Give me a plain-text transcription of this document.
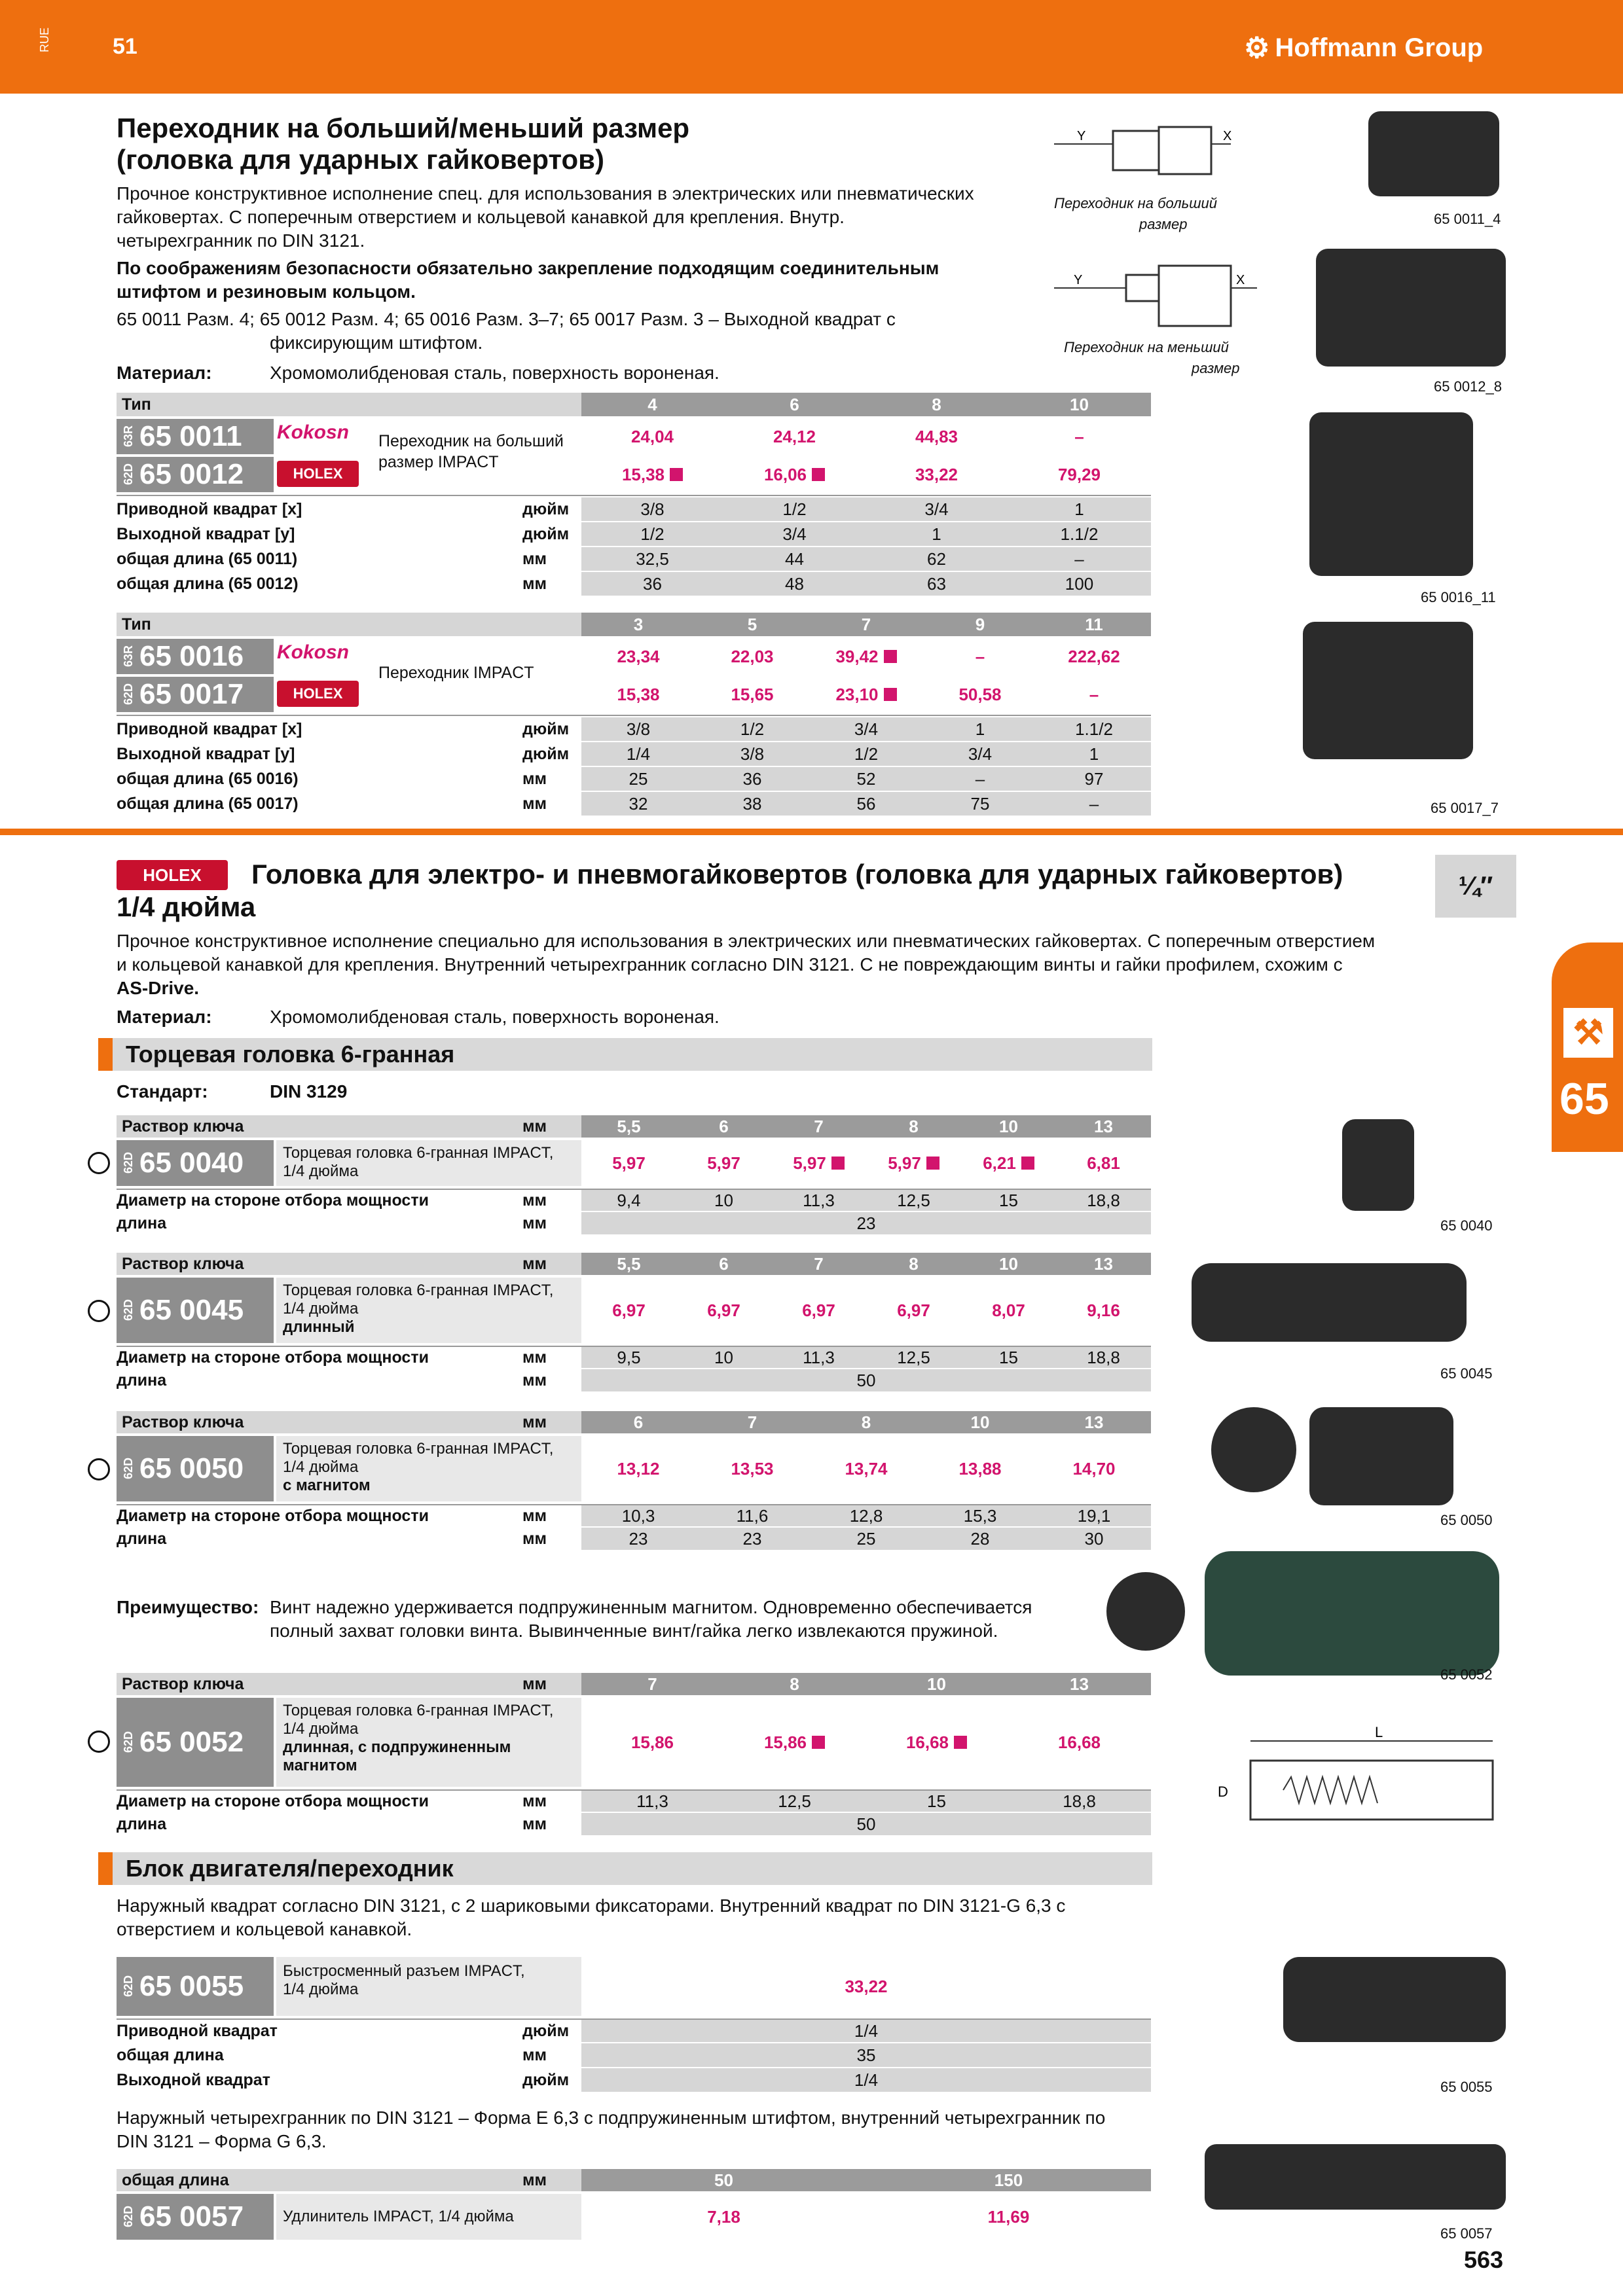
RUE	51	⚙ Hoffmann Group
Переходник на больший/меньший размер
(головка для ударных гайковертов)
Прочное конструктивное исполнение спец. для использования в электрических или пневматических
гайковертах. С поперечным отверстием и кольцевой канавкой для крепления. Внутр.
четырехгранник по DIN 3121.
По соображениям безопасности обязательно закрепление подходящим соединительным
штифтом и резиновым кольцом.
65 0011 Разм. 4; 65 0012 Разм. 4; 65 0016 Разм. 3–7; 65 0017 Разм. 3 – Выходной квадрат с
фиксирующим штифтом.
Материал:	Хромомолибденовая сталь, поверхность вороненая.
Y	X
Переходник на больший
размер
Y	X
Переходник на меньший
размер
65 0011_4
65 0012_8
65 0016_11
65 0017_7
Тип	4	6	8	10
63R 65 0011 Kokosn
62D 65 0012	HOLEX
Переходник на больший
размер IMPACT
24,04	24,12	44,83	–
15,38	16,06	33,22	79,29
Приводной квадрат [x]	дюйм	3/8	1/2	3/4	1
Выходной квадрат [y]	дюйм	1/2	3/4	1	1.1/2
общая длина (65 0011)	мм	32,5	44	62	–
общая длина (65 0012)	мм	36	48	63	100
Тип	3	5	7	9	11
63R 65 0016 Kokosn
62D 65 0017	HOLEX
Переходник IMPACT
23,34	22,03	39,42	–	222,62
15,38	15,65	23,10	50,58	–
Приводной квадрат [x]	дюйм	3/8	1/2	3/4	1	1.1/2
Выходной квадрат [y]	дюйм	1/4	3/8	1/2	3/4	1
общая длина (65 0016)	мм	25	36	52	–	97
общая длина (65 0017)	мм	32	38	56	75	–
HOLEX	Головка для электро- и пневмогайковертов (головка для ударных гайковертов)
1/4 дюйма
¼″
Прочное конструктивное исполнение специально для использования в электрических или пневматических гайковертах. С поперечным отверстием
и кольцевой канавкой для крепления. Внутренний четырехгранник согласно DIN 3121. С не повреждающим винты и гайки профилем, схожим с
AS-Drive.
Материал:	Хромомолибденовая сталь, поверхность вороненая.	⚒
65
Торцевая головка 6-гранная
Стандарт:	DIN 3129
Раствор ключа	мм	5,5	6	7	8	10	13
62D 65 0040 Торцевая головка 6-гранная IMPACT,
1/4 дюйма	5,97	5,97	5,97	5,97	6,21	6,81
Диаметр на стороне отбора мощности	мм	9,4	10	11,3	12,5	15	18,8
длина	мм	23	65 0040
Раствор ключа	мм	5,5	6	7	8	10	13
62D 65 0045
Торцевая головка 6-гранная IMPACT,
1/4 дюйма
длинный
6,97	6,97	6,97	6,97	8,07	9,16
Диаметр на стороне отбора мощности	мм	9,5	10	11,3	12,5	15	18,8
длина	мм	50	65 0045
Раствор ключа	мм	6	7	8	10	13
62D 65 0050
Торцевая головка 6-гранная IMPACT,
1/4 дюйма
с магнитом
13,12	13,53	13,74	13,88	14,70
Диаметр на стороне отбора мощности	мм	10,3	11,6	12,8	15,3	19,1
длина	мм	23	23	25	28	30
65 0050
Преимущество: Винт надежно удерживается подпружиненным магнитом. Одновременно обеспечивается
полный захват головки винта. Вывинченные винт/гайка легко извлекаются пружиной.
65 0052
Раствор ключа	мм	7	8	10	13
62D 65 0052
Торцевая головка 6-гранная IMPACT,
1/4 дюйма
длинная, с подпружиненным
магнитом
15,86	15,86	16,68	16,68
Диаметр на стороне отбора мощности	мм	11,3	12,5	15	18,8
длина	мм	50
L
D
Блок двигателя/переходник
Наружный квадрат согласно DIN 3121, с 2 шариковыми фиксаторами. Внутренний квадрат по DIN 3121-G 6,3 с
отверстием и кольцевой канавкой.
62D 65 0055 Быстросменный разъем IMPACT,
1/4 дюйма	33,22
Приводной квадрат	дюйм	1/4
общая длина	мм	35
Выходной квадрат	дюйм	1/4	65 0055
Наружный четырехгранник по DIN 3121 – Форма E 6,3 с подпружиненным штифтом, внутренний четырехгранник по
DIN 3121 – Форма G 6,3.
общая длина	мм	50	150
62D 65 0057	Удлинитель IMPACT, 1/4 дюйма	7,18	11,69
65 0057
563
